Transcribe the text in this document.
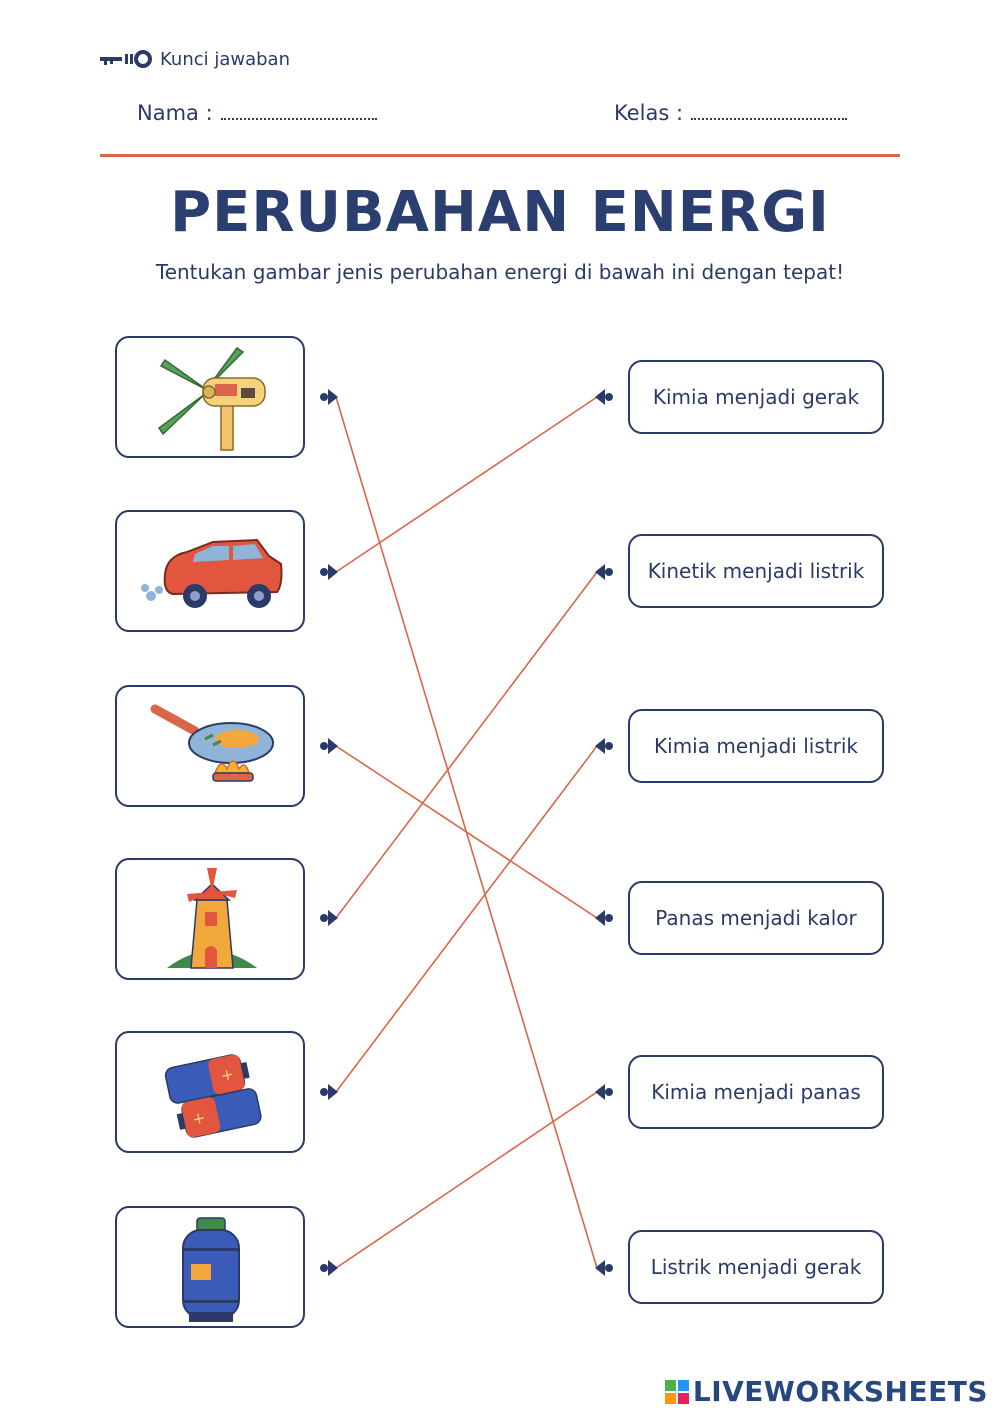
Kunci jawaban
Nama :	Kelas :
PERUBAHAN ENERGI
Tentukan gambar jenis perubahan energi di bawah ini dengan tepat!
+
+
Kimia menjadi gerak
Kinetik menjadi listrik
Kimia menjadi listrik
Panas menjadi kalor
Kimia menjadi panas
Listrik menjadi gerak
LIVEWORKSHEETS
